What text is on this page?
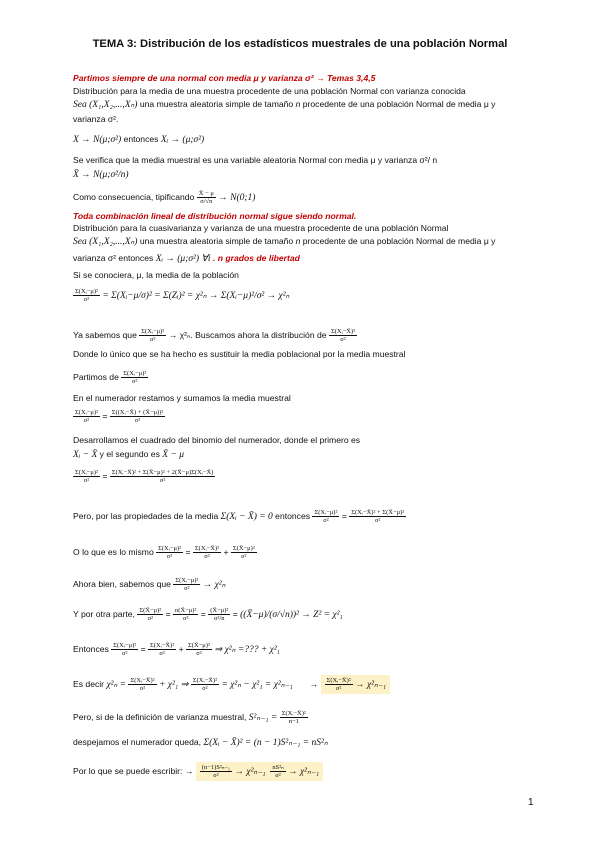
TEMA 3: Distribución de los estadísticos muestrales de una población Normal
Partimos siempre de una normal con media μ y varianza σ² → Temas 3,4,5
Distribución para la media de una muestra procedente de una población Normal con varianza conocida
Sea (X₁,X₂,...,Xₙ) una muestra aleatoria simple de tamaño n procedente de una población Normal de media μ y
varianza σ².
X → N(μ;σ²) entonces Xᵢ → (μ;σ²)
Se verifica que la media muestral es una variable aleatoria Normal con media μ y varianza σ²/ n
X̄ → N(μ;σ²/n)
Como consecuencia, tipificando $\frac{X̄ - \mu}{\sigma/√n}$ → N(0;1)
Toda combinación lineal de distribución normal sigue siendo normal.
Distribución para la cuasivarianza y varianza de una muestra procedente de una población Normal
Sea (X₁,X₂,...,Xₙ) una muestra aleatoria simple de tamaño n procedente de una población Normal de media μ y
varianza σ² entonces Xᵢ → (μ;σ²) ∀i . n grados de libertad
Si se conociera, μ, la media de la población
$\frac{\text{Σ(Xᵢ−μ)²}}{\text{σ²}}$ = Σ(Xᵢ−μ/σ)² = Σ(Zᵢ)² = χ²ₙ → Σ(Xᵢ−μ)²/σ² → χ²ₙ
Ya sabemos que $\frac{\text{Σ(Xᵢ−μ)²}}{\text{σ²}} \to \chi^2_n$. Buscamos ahora la distribución de $\frac{\text{Σ(Xᵢ−X̄)²}}{\text{σ²}}$
Donde lo único que se ha hecho es sustituir la media poblacional por la media muestral
Partimos de $\frac{\text{Σ(Xᵢ−μ)²}}{\text{σ²}}$
En el numerador restamos y sumamos la media muestral
$\frac{\text{Σ(Xᵢ−μ)²}}{\text{σ²}} = \frac{\text{Σ((Xᵢ−X̄) + (X̄−μ))²}}{\text{σ²}}$
Desarrollamos el cuadrado del binomio del numerador, donde el primero es
Xᵢ − X̄ y el segundo es X̄ − μ
$\frac{\text{Σ(Xᵢ−μ)²}}{\text{σ²}} = \frac{\text{Σ(Xᵢ−X̄)² + Σ(X̄−μ)² + 2(X̄−μ)Σ(Xᵢ−X̄)}}{\text{σ²}}$
Pero, por las propiedades de la media Σ(Xᵢ − X̄) = 0 entonces $\frac{\text{Σ(Xᵢ−μ)²}}{\text{σ²}} = \frac{\text{Σ(Xᵢ−X̄)² + Σ(X̄−μ)²}}{\text{σ²}}$
O lo que es lo mismo $\frac{\text{Σ(Xᵢ−μ)²}}{\text{σ²}} = \frac{\text{Σ(Xᵢ−X̄)²}}{\text{σ²}} + \frac{\text{Σ(X̄−μ)²}}{\text{σ²}}$
Ahora bien, sabemos que $\frac{\text{Σ(Xᵢ−μ)²}}{\text{σ²}} \to \chi^2_n$
Y por otra parte, $\frac{\text{Σ(X̄−μ)²}}{\text{σ²}} = \frac{\text{n(X̄−μ)²}}{\text{σ²}} = \frac{\text{(X̄−μ)²}}{\text{σ²/n}}$ = ((X̄−μ)/(σ/√n))² → Z² = χ²₁
Entonces $\frac{\text{Σ(Xᵢ−μ)²}}{\text{σ²}} = \frac{\text{Σ(Xᵢ−X̄)²}}{\text{σ²}} + \frac{\text{Σ(X̄−μ)²}}{\text{σ²}}$ ⇒ χ²ₙ =??? + χ²₁
Es decir $\chi^2_n = \frac{\text{Σ(Xᵢ−X̄)²}}{\text{σ²}} + \chi^2_1$ ⇒ $\frac{\text{Σ(Xᵢ−X̄)²}}{\text{σ²}} = \chi^2_n - \chi^2_1 = \chi^2_{n-1} \to \frac{\text{Σ(Xᵢ−X̄)²}}{\text{σ²}} \to \chi^2_{n-1}$
Pero, si de la definición de varianza muestral, $S^2_{n-1} = \frac{\text{Σ(Xᵢ−X̄)²}}{n-1}$
despejamos el numerador queda, Σ(Xᵢ − X̄)² = (n − 1)S²ₙ₋₁ = nS²ₙ
Por lo que se puede escribir: → $\frac{\text{(n−1)S²ₙ₋₁}}{\text{σ²}} \to \chi^2_{n-1} \frac{\text{nS²ₙ}}{\text{σ²}} \to \chi^2_{n-1}$
1
